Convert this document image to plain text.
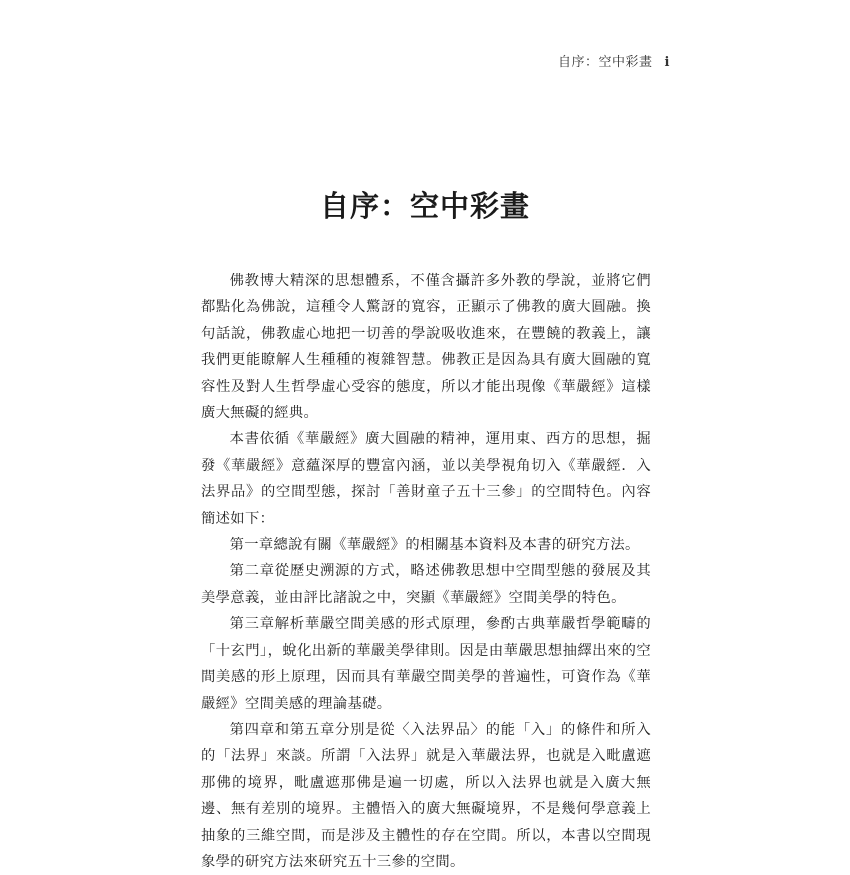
自序：空中彩畫 i
自序：空中彩畫

佛教博大精深的思想體系，不僅含攝許多外教的學說，並將它們都點化為佛說，這種令人驚訝的寬容，正顯示了佛教的廣大圓融。換句話說，佛教虛心地把一切善的學說吸收進來，在豐饒的教義上，讓我們更能瞭解人生種種的複雜智慧。佛教正是因為具有廣大圓融的寬容性及對人生哲學虛心受容的態度，所以才能出現像《華嚴經》這樣廣大無礙的經典。

本書依循《華嚴經》廣大圓融的精神，運用東、西方的思想，掘發《華嚴經》意蘊深厚的豐富內涵，並以美學視角切入《華嚴經．入法界品》的空間型態，探討「善財童子五十三參」的空間特色。內容簡述如下：

第一章總說有關《華嚴經》的相關基本資料及本書的研究方法。

第二章從歷史溯源的方式，略述佛教思想中空間型態的發展及其美學意義，並由評比諸說之中，突顯《華嚴經》空間美學的特色。

第三章解析華嚴空間美感的形式原理，參酌古典華嚴哲學範疇的「十玄門」，蛻化出新的華嚴美學律則。因是由華嚴思想抽繹出來的空間美感的形上原理，因而具有華嚴空間美學的普遍性，可資作為《華嚴經》空間美感的理論基礎。

第四章和第五章分別是從〈入法界品〉的能「入」的條件和所入的「法界」來談。所謂「入法界」就是入華嚴法界，也就是入毗盧遮那佛的境界，毗盧遮那佛是遍一切處，所以入法界也就是入廣大無邊、無有差別的境界。主體悟入的廣大無礙境界，不是幾何學意義上抽象的三維空間，而是涉及主體性的存在空間。所以，本書以空間現象學的研究方法來研究五十三參的空間。
